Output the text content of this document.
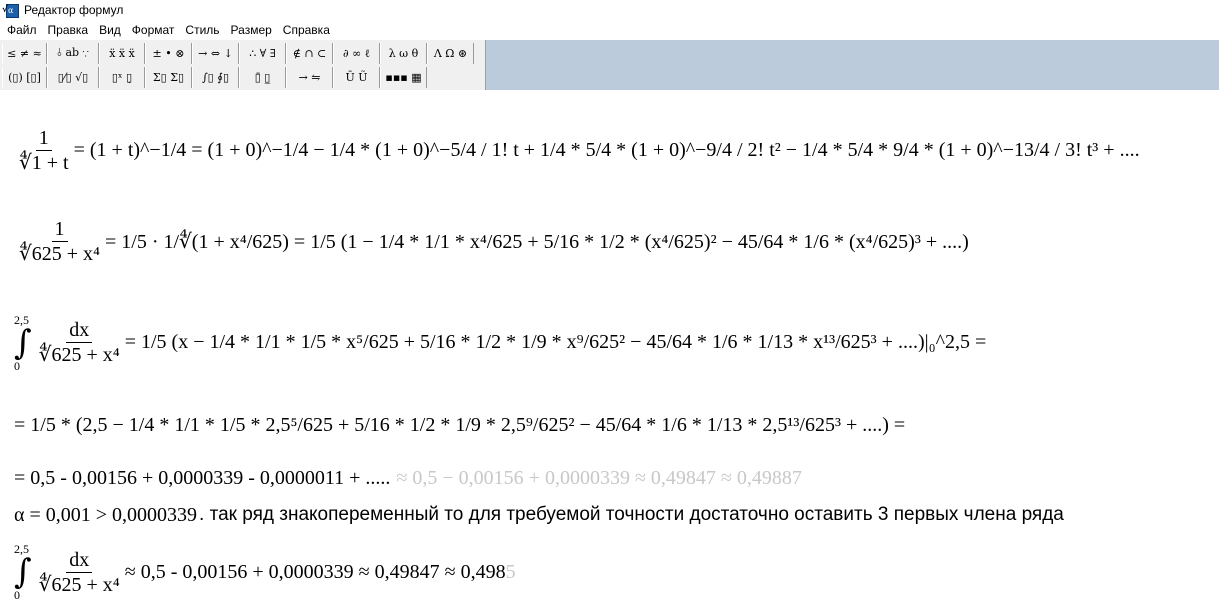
√ α Редактор формул
Файл Правка Вид Формат Стиль Размер Справка
≤ ≠ ≈	⫰ ab ∵	ẍ ẍ ẍ	± • ⊗	→ ⇔ ↓	∴ ∀ ∃	∉ ∩ ⊂	∂ ∞ ℓ	λ ω θ	Λ Ω ⊛
(▯) [▯]	▯⁄▯ √▯	▯ˣ ▯̣	Σ▯ Σ▯	∫▯ ∮▯	▯̄ ▯̲	→ ⇋	Ū Ũ	▪▪▪ ▦
$\frac{1}{∜1 + t} = (1$ + t)^−1/4 = (1 + 0)^−1/4 − 1/4 * (1 + 0)^−5/4 / 1! t + 1/4 * 5/4 * (1 + 0)^−9/4 / 2! t² − 1/4 * 5/4 * 9/4 * (1 + 0)^−13/4 / 3! t³ + ....
$\frac{1}{\text{∜625 + x⁴}} = 1/5$ · 1/∜(1 + x⁴/625) = 1/5 (1 − 1/4 * 1/1 * x⁴/625 + 5/16 * 1/2 * (x⁴/625)² − 45/64 * 1/6 * (x⁴/625)³ + ....)
2,5
∫
$0 \frac{dx}{\text{∜625 + x⁴}} = 1/5$ (x − 1/4 * 1/1 * 1/5 * x⁵/625 + 5/16 * 1/2 * 1/9 * x⁹/625² − 45/64 * 1/6 * 1/13 * x¹³/625³ + ....)|₀^2,5 =
= 1/5 * (2,5 − 1/4 * 1/1 * 1/5 * 2,5⁵/625 + 5/16 * 1/2 * 1/9 * 2,5⁹/625² − 45/64 * 1/6 * 1/13 * 2,5¹³/625³ + ....) =
= 0,5 - 0,00156 + 0,0000339 - 0,0000011 + ..... ≈ 0,5 − 0,00156 + 0,0000339 ≈ 0,49847 ≈ 0,49887
α = 0,001 > 0,0000339 . так ряд знакопеременный то для требуемой точности достаточно оставить 3 первых члена ряда
2,5
∫
$0 \frac{dx}{\text{∜625 + x⁴}} \approx 0,5 - 0,00156 + 0,0000339 \approx 0,49847 \approx 0,498$ 5
